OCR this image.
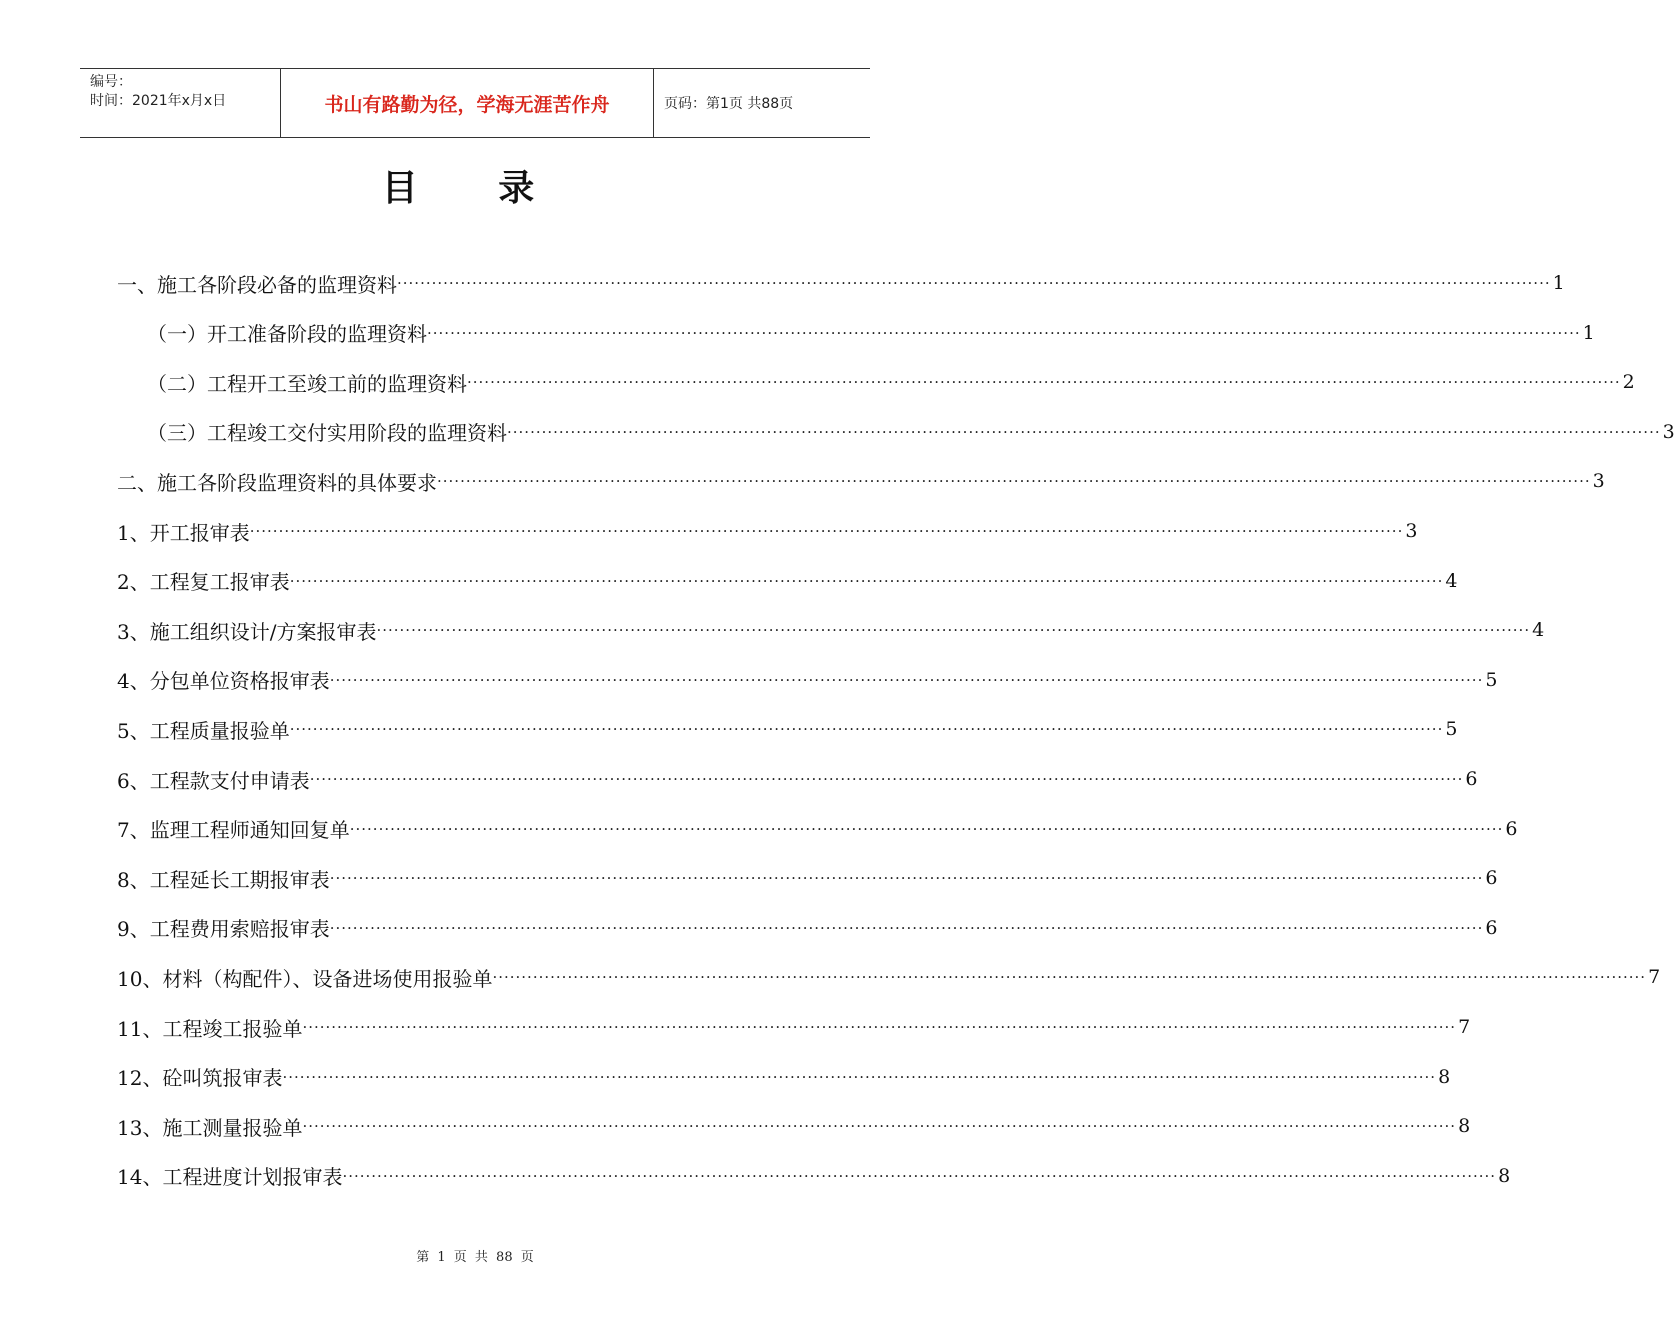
编号：
时间：2021年x月x日	书山有路勤为径，学海无涯苦作舟	页码：第1页 共88页
目 录
一、施工各阶段必备的监理资料 ········································································································································································································ 1
（一）开工准备阶段的监理资料 ········································································································································································································ 1
（二）工程开工至竣工前的监理资料 ········································································································································································································ 2
（三）工程竣工交付实用阶段的监理资料 ········································································································································································································ 3
二、施工各阶段监理资料的具体要求 ········································································································································································································ 3
1、开工报审表 ········································································································································································································ 3
2、工程复工报审表 ········································································································································································································ 4
3、施工组织设计/方案报审表 ········································································································································································································ 4
4、分包单位资格报审表 ········································································································································································································ 5
5、工程质量报验单 ········································································································································································································ 5
6、工程款支付申请表 ········································································································································································································ 6
7、监理工程师通知回复单 ········································································································································································································ 6
8、工程延长工期报审表 ········································································································································································································ 6
9、工程费用索赔报审表 ········································································································································································································ 6
10、材料（构配件）、设备进场使用报验单 ········································································································································································································ 7
11、工程竣工报验单 ········································································································································································································ 7
12、砼叫筑报审表 ········································································································································································································ 8
13、施工测量报验单 ········································································································································································································ 8
14、工程进度计划报审表 ········································································································································································································ 8
第 1 页 共 88 页
